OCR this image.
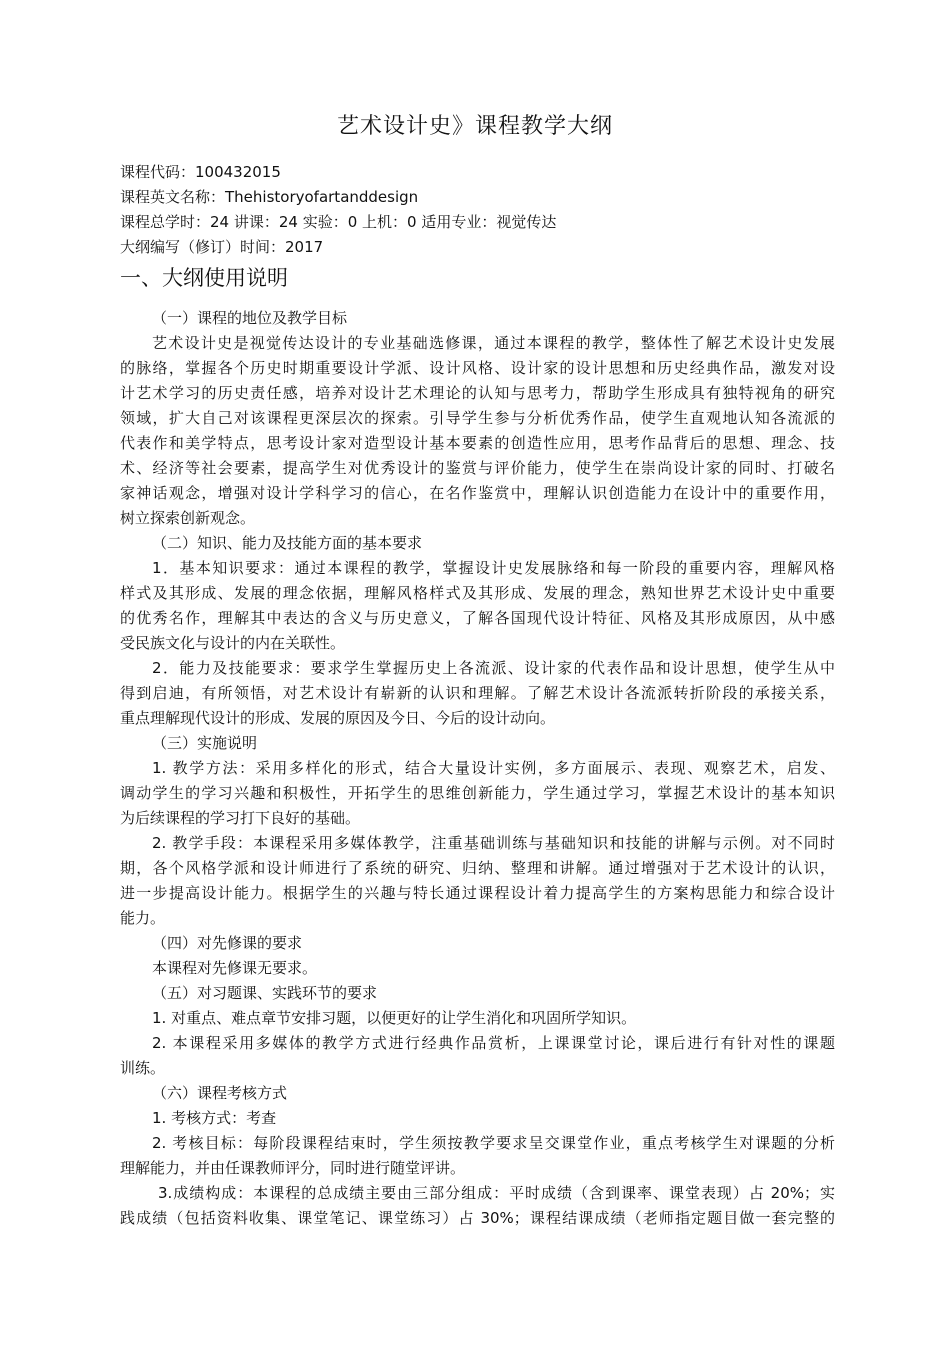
艺术设计史》课程教学大纲
课程代码：100432015
课程英文名称：Thehistoryofartanddesign
课程总学时：24 讲课：24 实验：0 上机：0 适用专业：视觉传达
大纲编写（修订）时间：2017
一、大纲使用说明
（一）课程的地位及教学目标
艺术设计史是视觉传达设计的专业基础选修课，通过本课程的教学，整体性了解艺术设计史发展
的脉络，掌握各个历史时期重要设计学派、设计风格、设计家的设计思想和历史经典作品，激发对设
计艺术学习的历史责任感，培养对设计艺术理论的认知与思考力，帮助学生形成具有独特视角的研究
领域，扩大自己对该课程更深层次的探索。引导学生参与分析优秀作品，使学生直观地认知各流派的
代表作和美学特点，思考设计家对造型设计基本要素的创造性应用，思考作品背后的思想、理念、技
术、经济等社会要素，提高学生对优秀设计的鉴赏与评价能力，使学生在崇尚设计家的同时、打破名
家神话观念，增强对设计学科学习的信心，在名作鉴赏中，理解认识创造能力在设计中的重要作用，
树立探索创新观念。
（二）知识、能力及技能方面的基本要求
1．基本知识要求：通过本课程的教学，掌握设计史发展脉络和每一阶段的重要内容，理解风格
样式及其形成、发展的理念依据，理解风格样式及其形成、发展的理念，熟知世界艺术设计史中重要
的优秀名作，理解其中表达的含义与历史意义，了解各国现代设计特征、风格及其形成原因，从中感
受民族文化与设计的内在关联性。
2．能力及技能要求：要求学生掌握历史上各流派、设计家的代表作品和设计思想，使学生从中
得到启迪，有所领悟，对艺术设计有崭新的认识和理解。了解艺术设计各流派转折阶段的承接关系，
重点理解现代设计的形成、发展的原因及今日、今后的设计动向。
（三）实施说明
1. 教学方法：采用多样化的形式，结合大量设计实例，多方面展示、表现、观察艺术，启发、
调动学生的学习兴趣和积极性，开拓学生的思维创新能力，学生通过学习，掌握艺术设计的基本知识
为后续课程的学习打下良好的基础。
2. 教学手段：本课程采用多媒体教学，注重基础训练与基础知识和技能的讲解与示例。对不同时
期，各个风格学派和设计师进行了系统的研究、归纳、整理和讲解。通过增强对于艺术设计的认识，
进一步提高设计能力。根据学生的兴趣与特长通过课程设计着力提高学生的方案构思能力和综合设计
能力。
（四）对先修课的要求
本课程对先修课无要求。
（五）对习题课、实践环节的要求
1. 对重点、难点章节安排习题，以便更好的让学生消化和巩固所学知识。
2. 本课程采用多媒体的教学方式进行经典作品赏析，上课课堂讨论，课后进行有针对性的课题
训练。
（六）课程考核方式
1. 考核方式：考查
2. 考核目标：每阶段课程结束时，学生须按教学要求呈交课堂作业，重点考核学生对课题的分析
理解能力，并由任课教师评分，同时进行随堂评讲。
3.成绩构成：本课程的总成绩主要由三部分组成：平时成绩（含到课率、课堂表现）占 20%；实
践成绩（包括资料收集、课堂笔记、课堂练习）占 30%；课程结课成绩（老师指定题目做一套完整的
